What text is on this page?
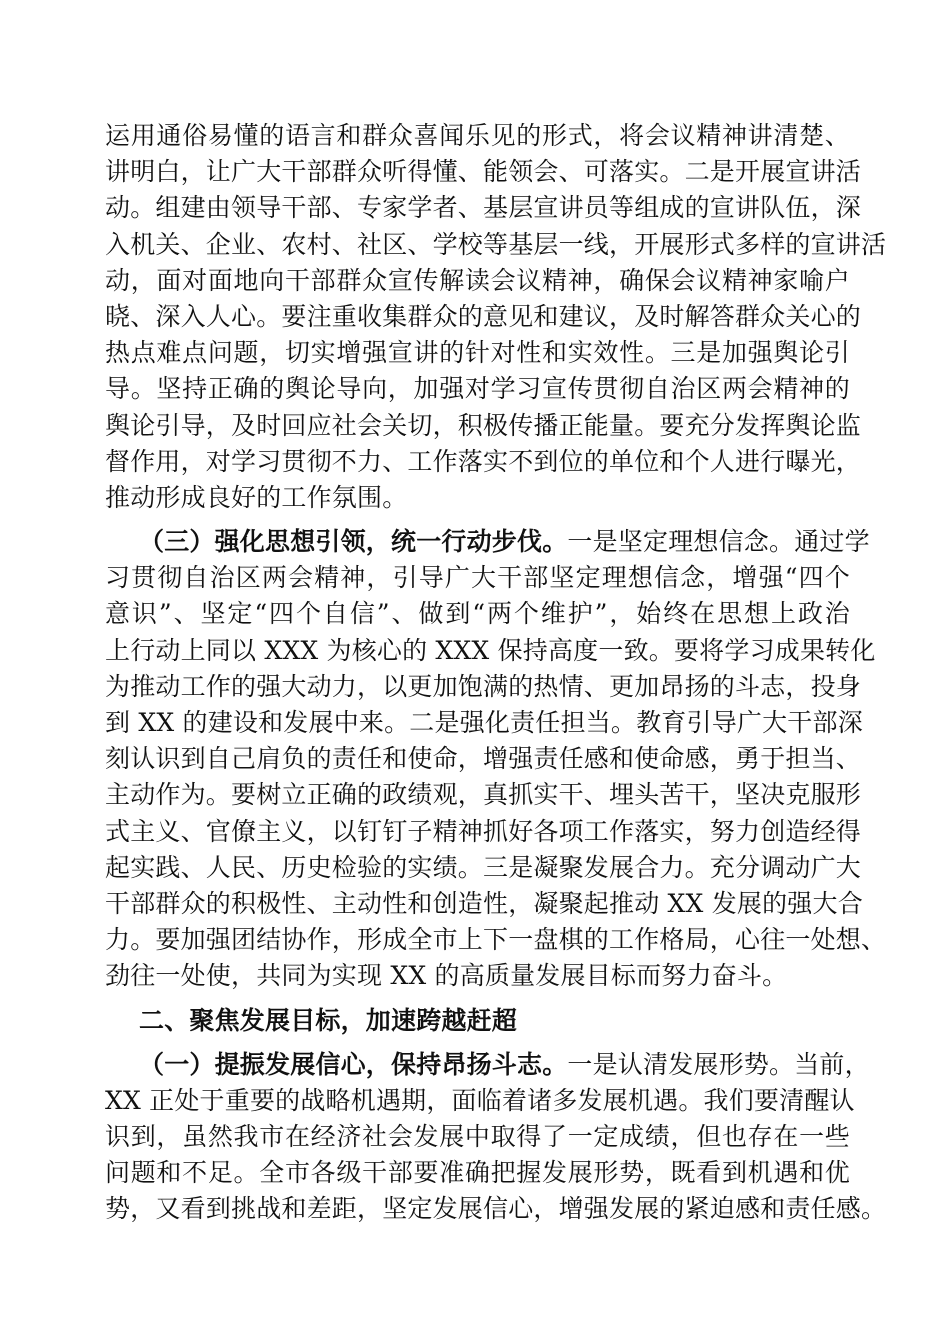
运用通俗易懂的语言和群众喜闻乐见的形式，将会议精神讲清楚、
讲明白，让广大干部群众听得懂、能领会、可落实。二是开展宣讲活
动。组建由领导干部、专家学者、基层宣讲员等组成的宣讲队伍，深
入机关、企业、农村、社区、学校等基层一线，开展形式多样的宣讲活
动，面对面地向干部群众宣传解读会议精神，确保会议精神家喻户
晓、深入人心。要注重收集群众的意见和建议，及时解答群众关心的
热点难点问题，切实增强宣讲的针对性和实效性。三是加强舆论引
导。坚持正确的舆论导向，加强对学习宣传贯彻自治区两会精神的
舆论引导，及时回应社会关切，积极传播正能量。要充分发挥舆论监
督作用，对学习贯彻不力、工作落实不到位的单位和个人进行曝光，
推动形成良好的工作氛围。
（三）强化思想引领，统一行动步伐。一是坚定理想信念。通过学
习贯彻自治区两会精神，引导广大干部坚定理想信念，增强“四个
意识”、坚定“四个自信”、做到“两个维护”，始终在思想上政治
上行动上同以 XXX 为核心的 XXX 保持高度一致。要将学习成果转化
为推动工作的强大动力，以更加饱满的热情、更加昂扬的斗志，投身
到 XX 的建设和发展中来。二是强化责任担当。教育引导广大干部深
刻认识到自己肩负的责任和使命，增强责任感和使命感，勇于担当、
主动作为。要树立正确的政绩观，真抓实干、埋头苦干，坚决克服形
式主义、官僚主义，以钉钉子精神抓好各项工作落实，努力创造经得
起实践、人民、历史检验的实绩。三是凝聚发展合力。充分调动广大
干部群众的积极性、主动性和创造性，凝聚起推动 XX 发展的强大合
力。要加强团结协作，形成全市上下一盘棋的工作格局，心往一处想、
劲往一处使，共同为实现 XX 的高质量发展目标而努力奋斗。
二、聚焦发展目标，加速跨越赶超
（一）提振发展信心，保持昂扬斗志。一是认清发展形势。当前，
XX 正处于重要的战略机遇期，面临着诸多发展机遇。我们要清醒认
识到，虽然我市在经济社会发展中取得了一定成绩，但也存在一些
问题和不足。全市各级干部要准确把握发展形势，既看到机遇和优
势，又看到挑战和差距，坚定发展信心，增强发展的紧迫感和责任感。
